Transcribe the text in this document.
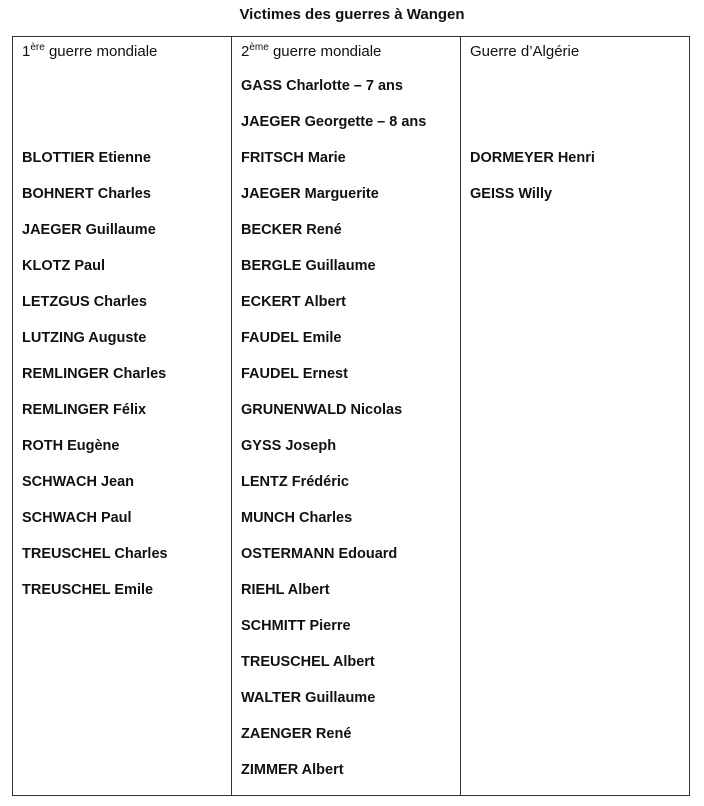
Victimes des guerres à Wangen
1ère guerre mondiale
BLOTTIER Etienne
BOHNERT Charles
JAEGER Guillaume
KLOTZ Paul
LETZGUS Charles
LUTZING Auguste
REMLINGER Charles
REMLINGER Félix
ROTH Eugène
SCHWACH Jean
SCHWACH Paul
TREUSCHEL Charles
TREUSCHEL Emile
2ème guerre mondiale
GASS Charlotte – 7 ans
JAEGER Georgette – 8 ans
FRITSCH Marie
JAEGER Marguerite
BECKER René
BERGLE Guillaume
ECKERT Albert
FAUDEL Emile
FAUDEL Ernest
GRUNENWALD Nicolas
GYSS Joseph
LENTZ Frédéric
MUNCH Charles
OSTERMANN Edouard
RIEHL Albert
SCHMITT Pierre
TREUSCHEL Albert
WALTER Guillaume
ZAENGER René
ZIMMER Albert
Guerre d’Algérie
DORMEYER Henri
GEISS Willy
